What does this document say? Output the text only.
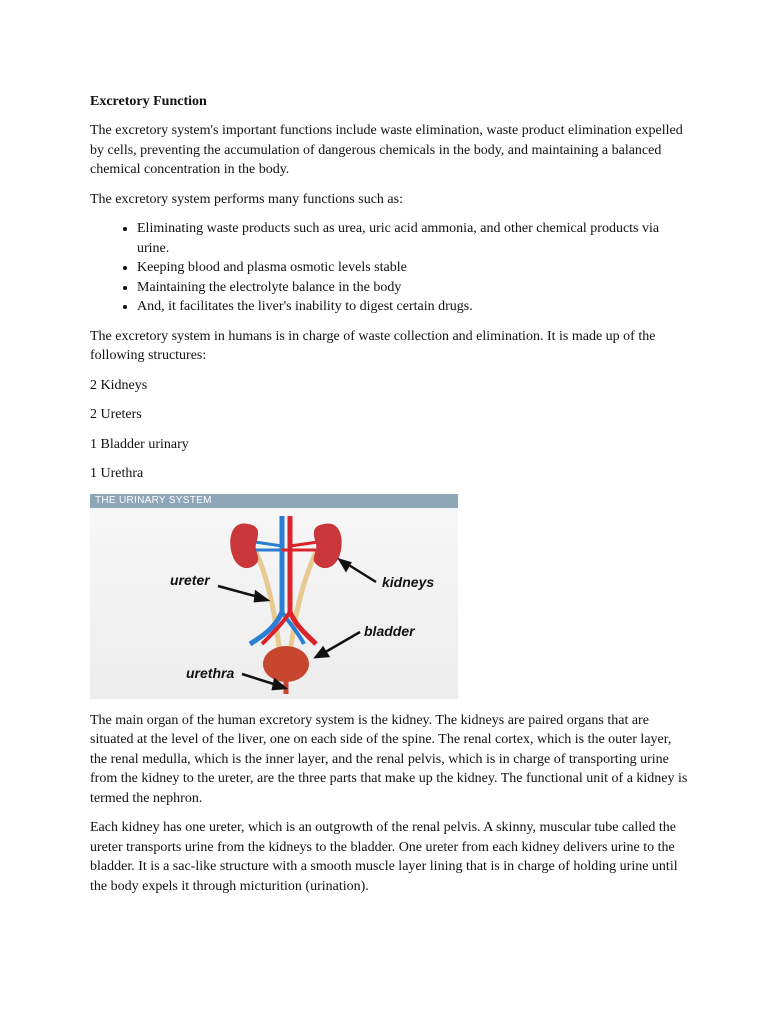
Excretory Function

The excretory system's important functions include waste elimination, waste product elimination expelled by cells, preventing the accumulation of dangerous chemicals in the body, and maintaining a balanced chemical concentration in the body.

The excretory system performs many functions such as:

• Eliminating waste products such as urea, uric acid ammonia, and other chemical products via urine.
• Keeping blood and plasma osmotic levels stable
• Maintaining the electrolyte balance in the body
• And, it facilitates the liver's inability to digest certain drugs.

The excretory system in humans is in charge of waste collection and elimination. It is made up of the following structures:

2 Kidneys
2 Ureters
1 Bladder urinary
1 Urethra
THE URINARY SYSTEM
ureter	kidneys
bladder
urethra

The main organ of the human excretory system is the kidney. The kidneys are paired organs that are situated at the level of the liver, one on each side of the spine. The renal cortex, which is the outer layer, the renal medulla, which is the inner layer, and the renal pelvis, which is in charge of transporting urine from the kidney to the ureter, are the three parts that make up the kidney. The functional unit of a kidney is termed the nephron.

Each kidney has one ureter, which is an outgrowth of the renal pelvis. A skinny, muscular tube called the ureter transports urine from the kidneys to the bladder. One ureter from each kidney delivers urine to the bladder. It is a sac-like structure with a smooth muscle layer lining that is in charge of holding urine until the body expels it through micturition (urination).
